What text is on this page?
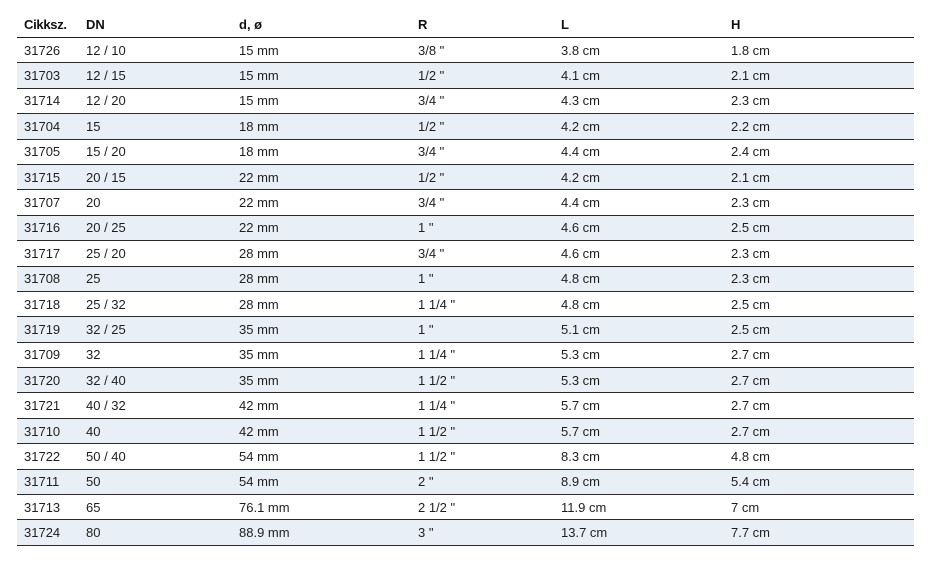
Cikksz.	DN	d, ø	R	L	H
31726	12 / 10	15 mm	3/8 "	3.8 cm	1.8 cm
31703	12 / 15	15 mm	1/2 "	4.1 cm	2.1 cm
31714	12 / 20	15 mm	3/4 "	4.3 cm	2.3 cm
31704	15	18 mm	1/2 "	4.2 cm	2.2 cm
31705	15 / 20	18 mm	3/4 "	4.4 cm	2.4 cm
31715	20 / 15	22 mm	1/2 "	4.2 cm	2.1 cm
31707	20	22 mm	3/4 "	4.4 cm	2.3 cm
31716	20 / 25	22 mm	1 "	4.6 cm	2.5 cm
31717	25 / 20	28 mm	3/4 "	4.6 cm	2.3 cm
31708	25	28 mm	1 "	4.8 cm	2.3 cm
31718	25 / 32	28 mm	1 1/4 "	4.8 cm	2.5 cm
31719	32 / 25	35 mm	1 "	5.1 cm	2.5 cm
31709	32	35 mm	1 1/4 "	5.3 cm	2.7 cm
31720	32 / 40	35 mm	1 1/2 "	5.3 cm	2.7 cm
31721	40 / 32	42 mm	1 1/4 "	5.7 cm	2.7 cm
31710	40	42 mm	1 1/2 "	5.7 cm	2.7 cm
31722	50 / 40	54 mm	1 1/2 "	8.3 cm	4.8 cm
31711	50	54 mm	2 "	8.9 cm	5.4 cm
31713	65	76.1 mm	2 1/2 "	11.9 cm	7 cm
31724	80	88.9 mm	3 "	13.7 cm	7.7 cm
